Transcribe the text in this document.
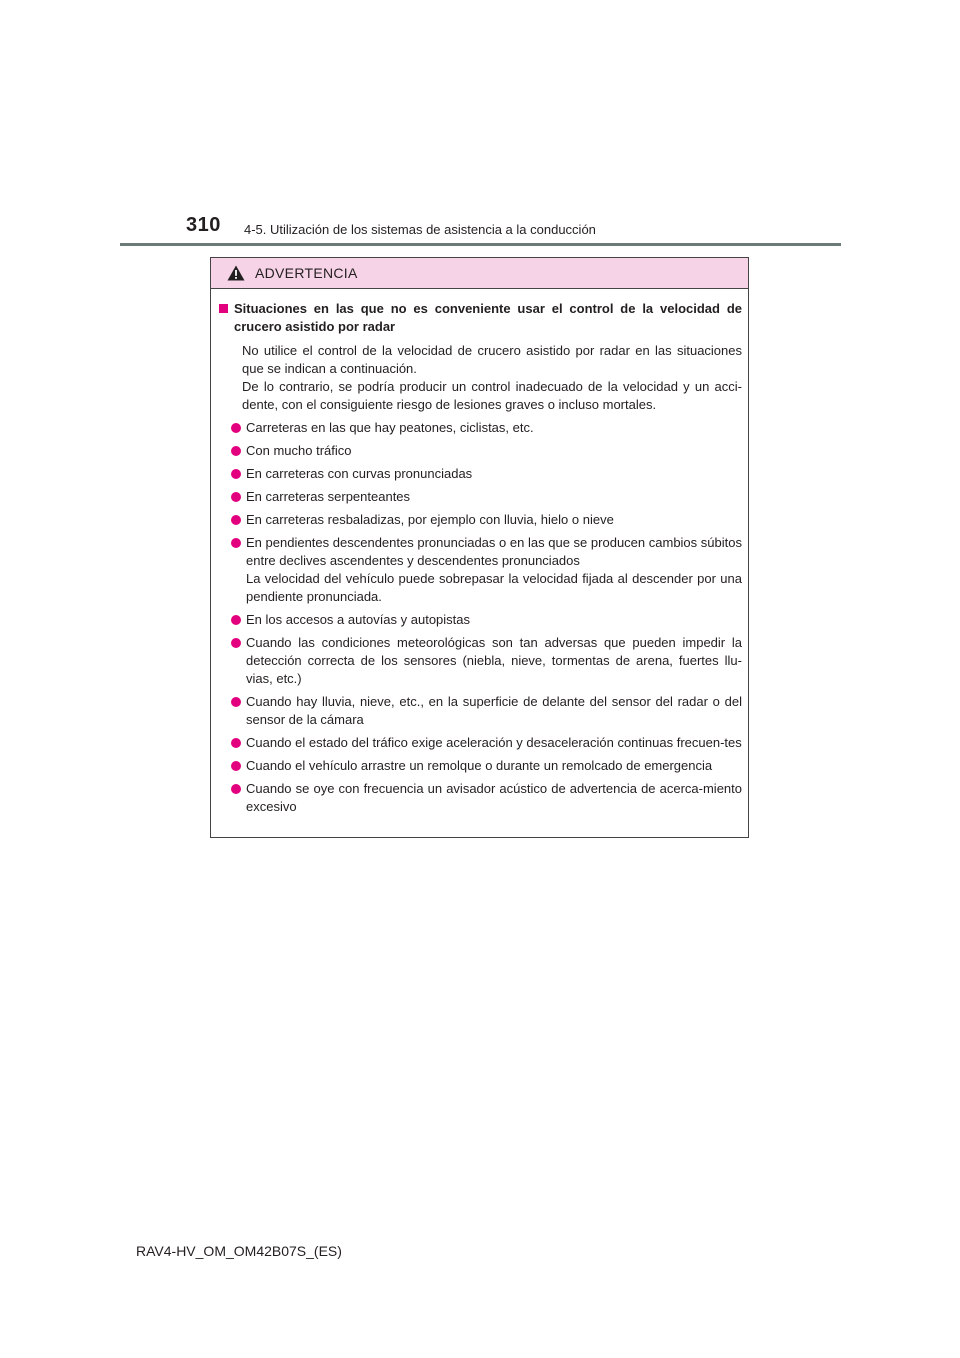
310 4-5. Utilización de los sistemas de asistencia a la conducción
ADVERTENCIA
Situaciones en las que no es conveniente usar el control de la velocidad de crucero asistido por radar

No utilice el control de la velocidad de crucero asistido por radar en las situaciones que se indican a continuación.

De lo contrario, se podría producir un control inadecuado de la velocidad y un acci-dente, con el consiguiente riesgo de lesiones graves o incluso mortales.

Carreteras en las que hay peatones, ciclistas, etc.
Con mucho tráfico
En carreteras con curvas pronunciadas
En carreteras serpenteantes
En carreteras resbaladizas, por ejemplo con lluvia, hielo o nieve
En pendientes descendentes pronunciadas o en las que se producen cambios súbitos entre declives ascendentes y descendentes pronunciados
La velocidad del vehículo puede sobrepasar la velocidad fijada al descender por una pendiente pronunciada.
En los accesos a autovías y autopistas
Cuando las condiciones meteorológicas son tan adversas que pueden impedir la detección correcta de los sensores (niebla, nieve, tormentas de arena, fuertes llu-vias, etc.)
Cuando hay lluvia, nieve, etc., en la superficie de delante del sensor del radar o del sensor de la cámara
Cuando el estado del tráfico exige aceleración y desaceleración continuas frecuen-tes
Cuando el vehículo arrastre un remolque o durante un remolcado de emergencia
Cuando se oye con frecuencia un avisador acústico de advertencia de acerca-miento excesivo
RAV4-HV_OM_OM42B07S_(ES)
